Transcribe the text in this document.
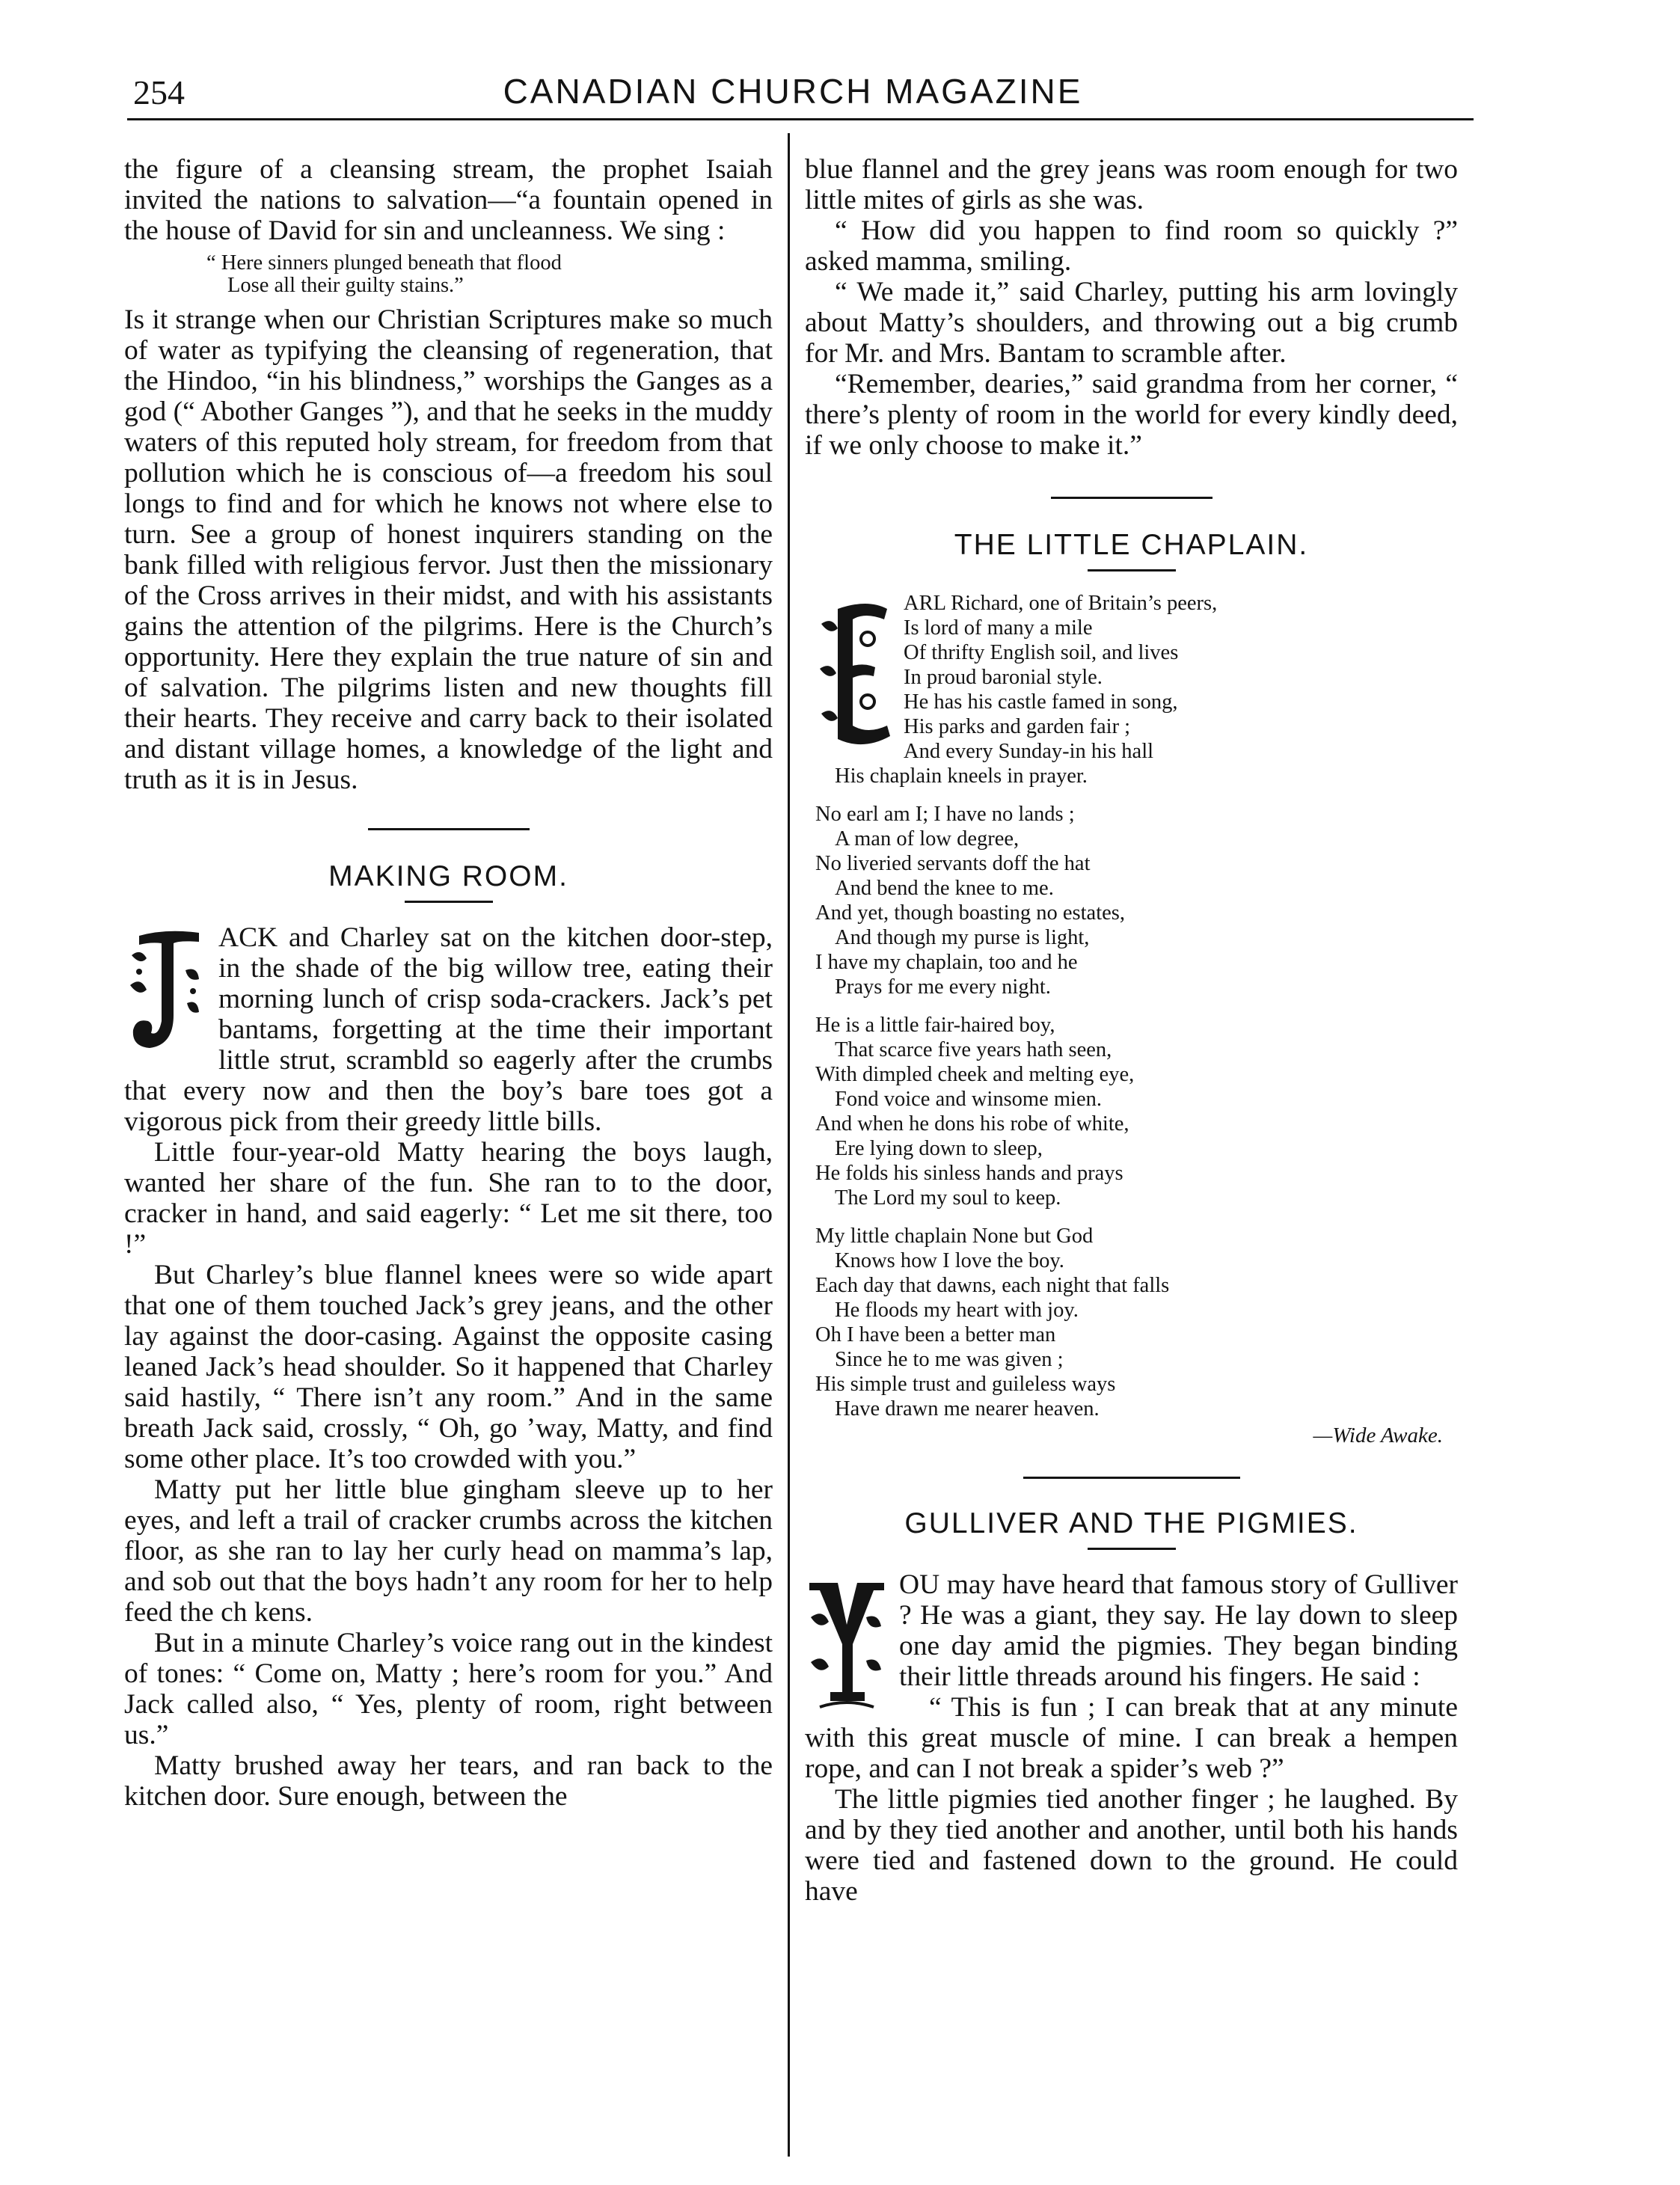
254	CANADIAN CHURCH MAGAZINE

the figure of a cleansing stream, the prophet Isaiah invited the nations to salvation—“a fountain opened in the house of David for sin and uncleanness. We sing :

“ Here sinners plunged beneath that flood
Lose all their guilty stains.”

Is it strange when our Christian Scriptures make so much of water as typifying the cleansing of regeneration, that the Hindoo, “in his blindness,” worships the Ganges as a god (“ Abother Ganges ”), and that he seeks in the muddy waters of this reputed holy stream, for freedom from that pollution which he is conscious of—a freedom his soul longs to find and for which he knows not where else to turn. See a group of honest inquirers standing on the bank filled with religious fervor. Just then the missionary of the Cross arrives in their midst, and with his assistants gains the attention of the pilgrims. Here is the Church’s opportunity. Here they explain the true nature of sin and of salvation. The pilgrims listen and new thoughts fill their hearts. They receive and carry back to their isolated and distant village homes, a knowledge of the light and truth as it is in Jesus.

MAKING ROOM.

ACK and Charley sat on the kitchen door-step, in the shade of the big willow tree, eating their morning lunch of crisp soda-crackers. Jack’s pet bantams, forgetting at the time their important little strut, scrambld so eagerly after the crumbs that every now and then the boy’s bare toes got a vigorous pick from their greedy little bills.

Little four-year-old Matty hearing the boys laugh, wanted her share of the fun. She ran to to the door, cracker in hand, and said eagerly: “ Let me sit there, too !”

But Charley’s blue flannel knees were so wide apart that one of them touched Jack’s grey jeans, and the other lay against the door-casing. Against the opposite casing leaned Jack’s head shoulder. So it happened that Charley said hastily, “ There isn’t any room.” And in the same breath Jack said, crossly, “ Oh, go ’way, Matty, and find some other place. It’s too crowded with you.”

Matty put her little blue gingham sleeve up to her eyes, and left a trail of cracker crumbs across the kitchen floor, as she ran to lay her curly head on mamma’s lap, and sob out that the boys hadn’t any room for her to help feed the ch kens.

But in a minute Charley’s voice rang out in the kindest of tones: “ Come on, Matty ; here’s room for you.” And Jack called also, “ Yes, plenty of room, right between us.”

Matty brushed away her tears, and ran back to the kitchen door. Sure enough, between the

blue flannel and the grey jeans was room enough for two little mites of girls as she was.

“ How did you happen to find room so quickly ?” asked mamma, smiling.

“ We made it,” said Charley, putting his arm lovingly about Matty’s shoulders, and throwing out a big crumb for Mr. and Mrs. Bantam to scramble after.

“Remember, dearies,” said grandma from her corner, “ there’s plenty of room in the world for every kindly deed, if we only choose to make it.”

THE LITTLE CHAPLAIN.
ARL Richard, one of Britain’s peers,
Is lord of many a mile
Of thrifty English soil, and lives
In proud baronial style.
He has his castle famed in song,
His parks and garden fair ;
And every Sunday-in his hall
His chaplain kneels in prayer.
No earl am I; I have no lands ;
A man of low degree,
No liveried servants doff the hat
And bend the knee to me.
And yet, though boasting no estates,
And though my purse is light,
I have my chaplain, too and he
Prays for me every night.
He is a little fair-haired boy,
That scarce five years hath seen,
With dimpled cheek and melting eye,
Fond voice and winsome mien.
And when he dons his robe of white,
Ere lying down to sleep,
He folds his sinless hands and prays
The Lord my soul to keep.
My little chaplain None but God
Knows how I love the boy.
Each day that dawns, each night that falls
He floods my heart with joy.
Oh I have been a better man
Since he to me was given ;
His simple trust and guileless ways
Have drawn me nearer heaven.
—Wide Awake.
GULLIVER AND THE PIGMIES.

OU may have heard that famous story of Gulliver ? He was a giant, they say. He lay down to sleep one day amid the pigmies. They began binding their little threads around his fingers. He said :

“ This is fun ; I can break that at any minute with this great muscle of mine. I can break a hempen rope, and can I not break a spider’s web ?”

The little pigmies tied another finger ; he laughed. By and by they tied another and another, until both his hands were tied and fastened down to the ground. He could have
